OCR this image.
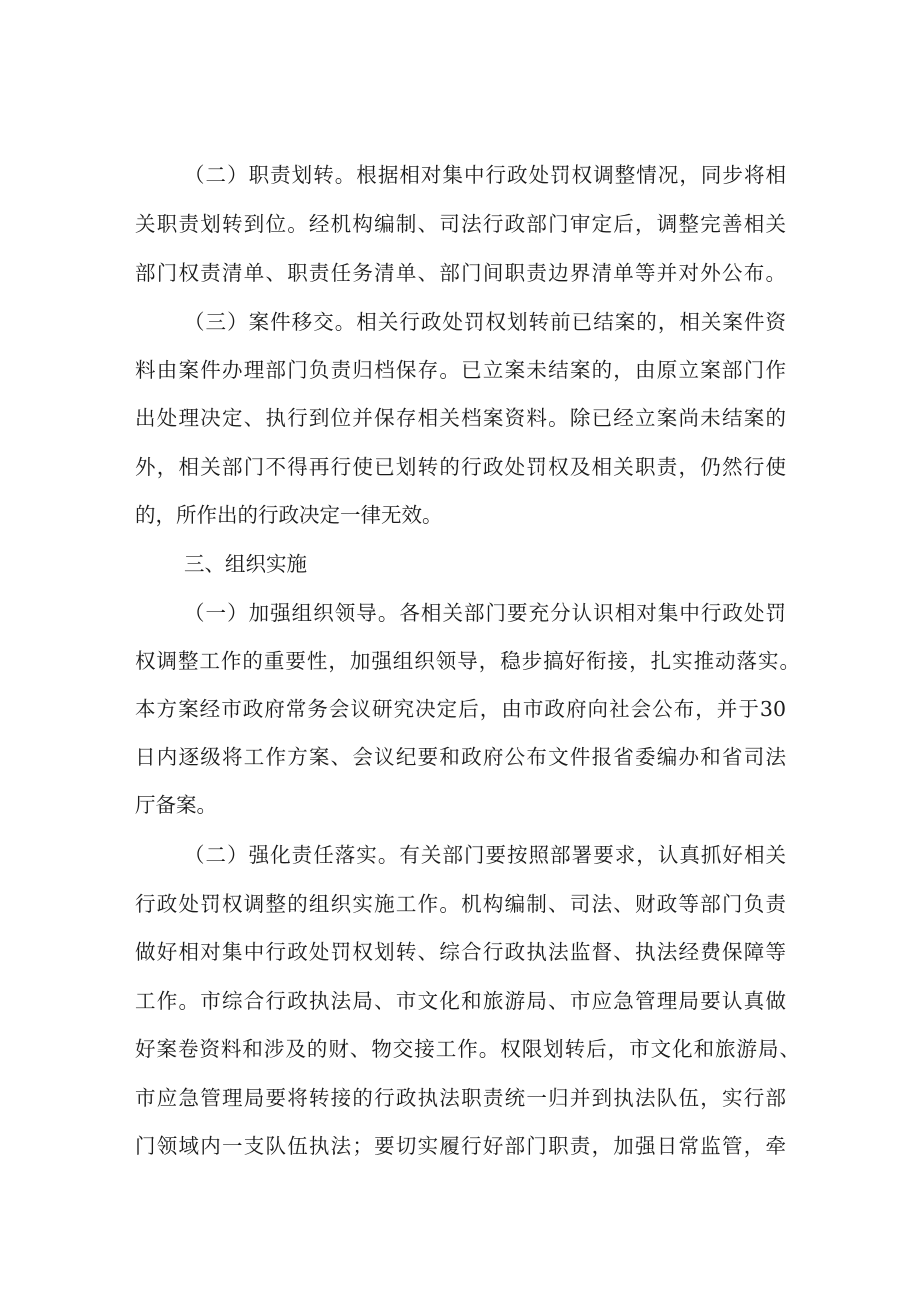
（二）职责划转。根据相对集中行政处罚权调整情况，同步将相
关职责划转到位。经机构编制、司法行政部门审定后，调整完善相关
部门权责清单、职责任务清单、部门间职责边界清单等并对外公布。
（三）案件移交。相关行政处罚权划转前已结案的，相关案件资
料由案件办理部门负责归档保存。已立案未结案的，由原立案部门作
出处理决定、执行到位并保存相关档案资料。除已经立案尚未结案的
外，相关部门不得再行使已划转的行政处罚权及相关职责，仍然行使
的，所作出的行政决定一律无效。
三、组织实施
（一）加强组织领导。各相关部门要充分认识相对集中行政处罚
权调整工作的重要性，加强组织领导，稳步搞好衔接，扎实推动落实。
本方案经市政府常务会议研究决定后，由市政府向社会公布，并于30
日内逐级将工作方案、会议纪要和政府公布文件报省委编办和省司法
厅备案。
（二）强化责任落实。有关部门要按照部署要求，认真抓好相关
行政处罚权调整的组织实施工作。机构编制、司法、财政等部门负责
做好相对集中行政处罚权划转、综合行政执法监督、执法经费保障等
工作。市综合行政执法局、市文化和旅游局、市应急管理局要认真做
好案卷资料和涉及的财、物交接工作。权限划转后，市文化和旅游局、
市应急管理局要将转接的行政执法职责统一归并到执法队伍，实行部
门领域内一支队伍执法；要切实履行好部门职责，加强日常监管，牵
